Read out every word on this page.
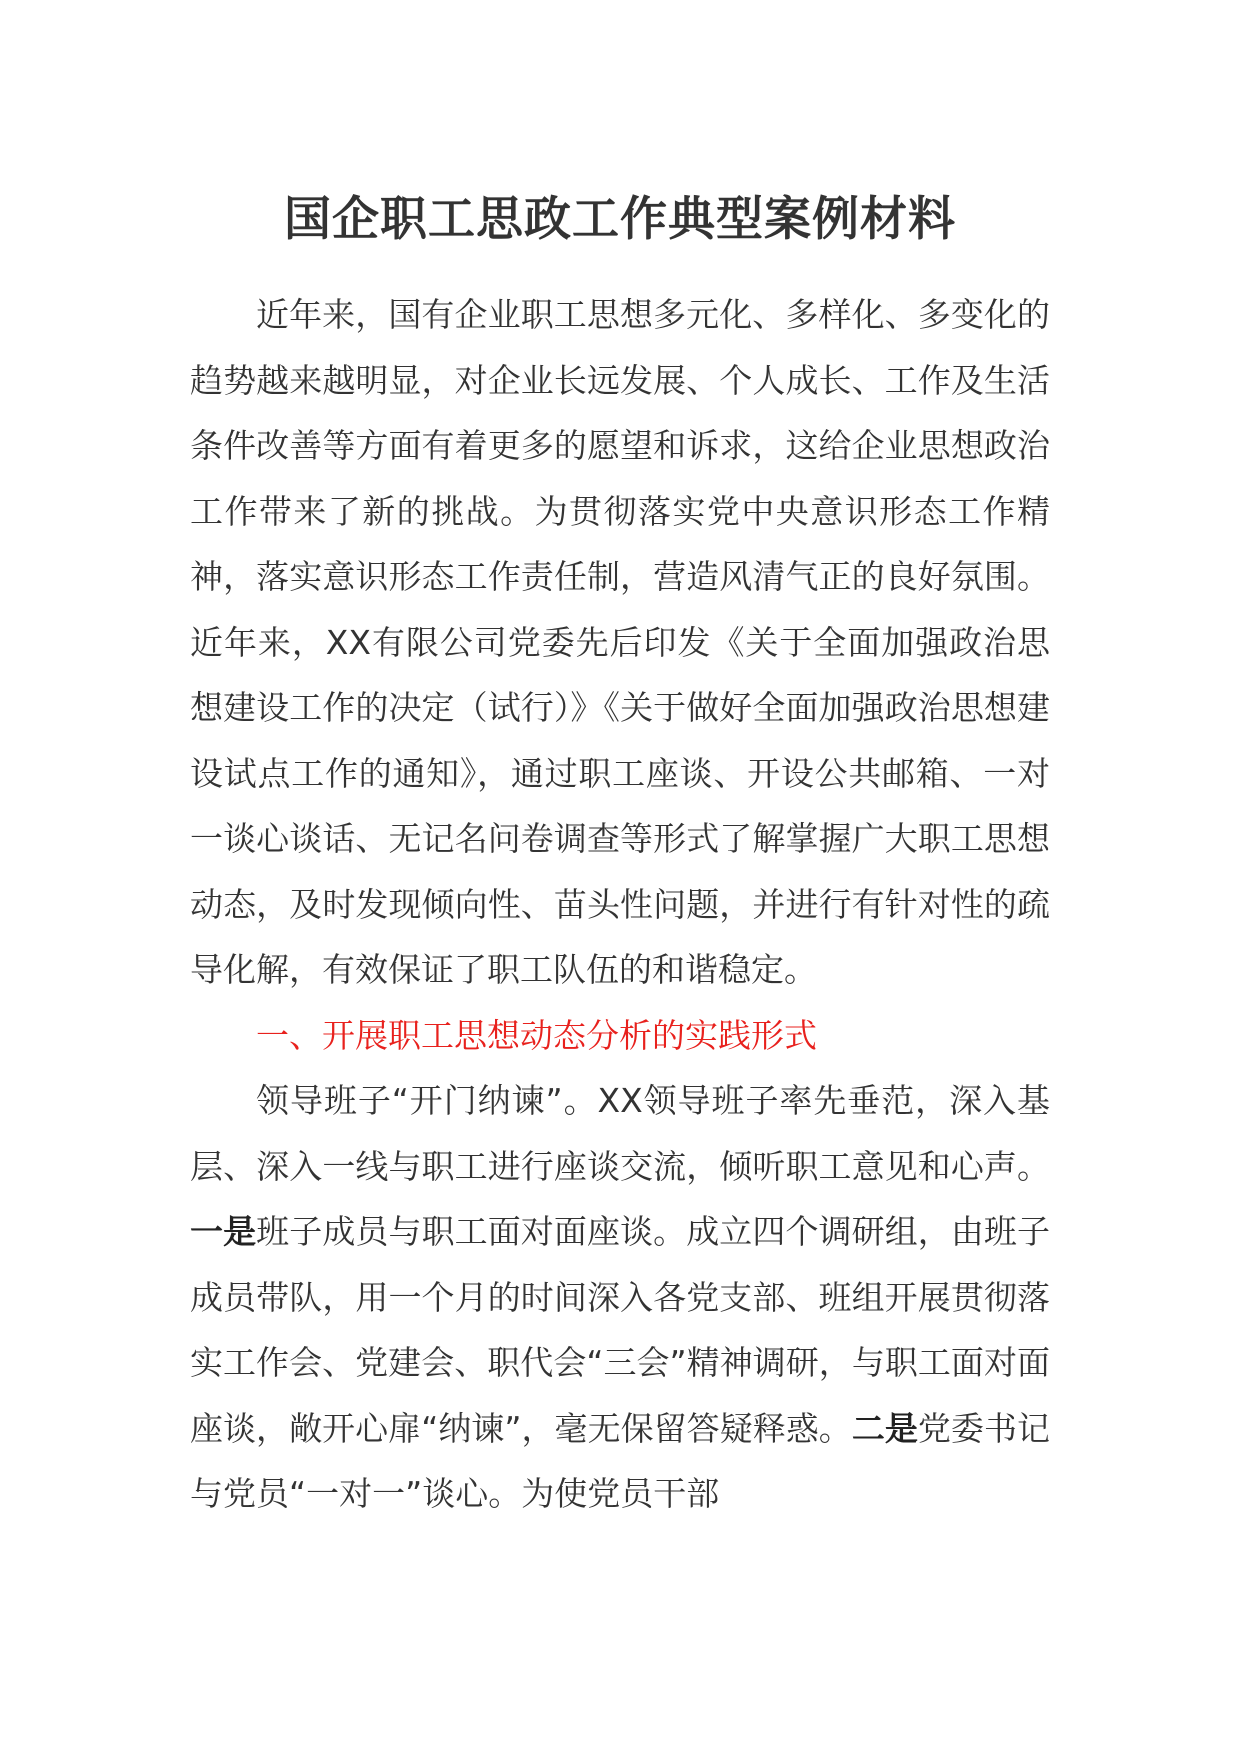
国企职工思政工作典型案例材料

近年来，国有企业职工思想多元化、多样化、多变化的趋势越来越明显，对企业长远发展、个人成长、工作及生活条件改善等方面有着更多的愿望和诉求，这给企业思想政治工作带来了新的挑战。为贯彻落实党中央意识形态工作精神，落实意识形态工作责任制，营造风清气正的良好氛围。近年来，XX有限公司党委先后印发《关于全面加强政治思想建设工作的决定（试行）》《关于做好全面加强政治思想建设试点工作的通知》，通过职工座谈、开设公共邮箱、一对一谈心谈话、无记名问卷调查等形式了解掌握广大职工思想动态，及时发现倾向性、苗头性问题，并进行有针对性的疏导化解，有效保证了职工队伍的和谐稳定。

一、开展职工思想动态分析的实践形式

领导班子“开门纳谏”。XX领导班子率先垂范，深入基层、深入一线与职工进行座谈交流，倾听职工意见和心声。一是班子成员与职工面对面座谈。成立四个调研组，由班子成员带队，用一个月的时间深入各党支部、班组开展贯彻落实工作会、党建会、职代会“三会”精神调研，与职工面对面座谈，敞开心扉“纳谏”，毫无保留答疑释惑。二是党委书记与党员“一对一”谈心。为使党员干部
